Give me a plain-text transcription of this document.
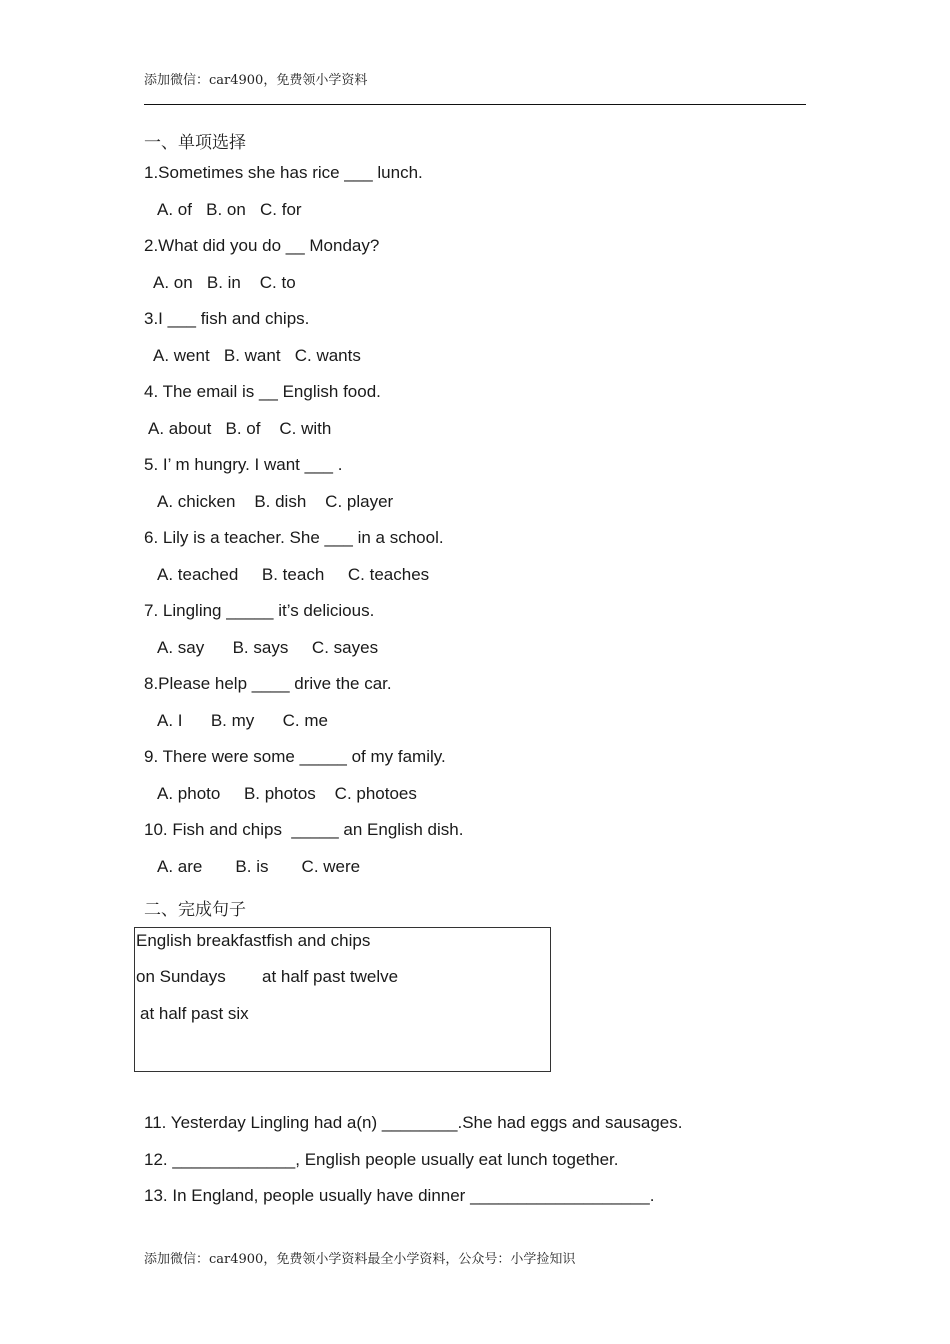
添加微信：car4900，免费领小学资料
一、单项选择
1.Sometimes she has rice ___ lunch.
A. of   B. on   C. for
2.What did you do __ Monday?
A. on   B. in    C. to
3.I ___ fish and chips.
A. went   B. want   C. wants
4. The email is __ English food.
A. about   B. of    C. with
5. I’ m hungry. I want ___ .
A. chicken    B. dish    C. player
6. Lily is a teacher. She ___ in a school.
A. teached     B. teach     C. teaches
7. Lingling _____ it’s delicious.
A. say      B. says     C. sayes
8.Please help ____ drive the car.
A. I      B. my      C. me
9. There were some _____ of my family.
A. photo     B. photos    C. photoes
10. Fish and chips  _____ an English dish.
A. are       B. is       C. were
二、完成句子
English breakfastfish and chips
on Sundays at half past twelve
at half past six
11. Yesterday Lingling had a(n) ________.She had eggs and sausages.
12. _____________, English people usually eat lunch together.
13. In England, people usually have dinner ___________________.
添加微信：car4900，免费领小学资料最全小学资料，公众号：小学捡知识
